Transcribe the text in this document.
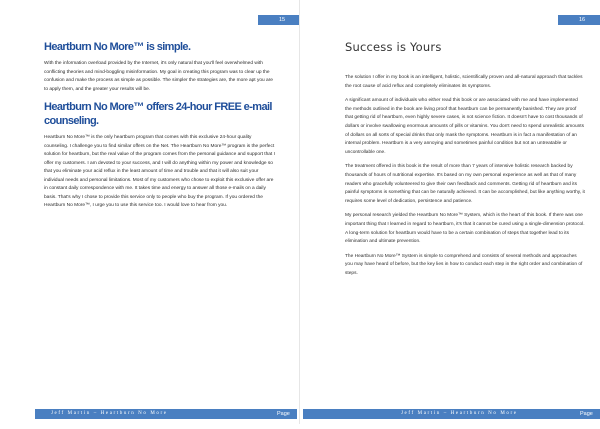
15
Heartburn No More™ is simple.

With the information overload provided by the Internet, it's only natural that you'll feel overwhelmed with conflicting theories and mind-boggling misinformation. My goal in creating this program was to clear up the confusion and make the process as simple as possible. The simpler the strategies are, the more apt you are to apply them, and the greater your results will be.

Heartburn No More™ offers 24-hour FREE e-mail counseling.

Heartburn No More™ is the only heartburn program that comes with this exclusive 24-hour quality counseling. I challenge you to find similar offers on the Net. The Heartburn No More™ program is the perfect solution for heartburn, but the real value of the program comes from the personal guidance and support that I offer my customers. I am devoted to your success, and I will do anything within my power and knowledge so that you eliminate your acid reflux in the least amount of time and trouble and that it will also suit your individual needs and personal limitations. Most of my customers who chose to exploit this exclusive offer are in constant daily correspondence with me. It takes time and energy to answer all those e-mails on a daily basis. That's why I chose to provide this service only to people who buy the program. If you ordered the Heartburn No More™, I urge you to use this service too. I would love to hear from you.

Jeff Martin – Heartburn No More	Page 15
16
Success is Yours

The solution I offer in my book is an intelligent, holistic, scientifically proven and all-natural approach that tackles the root cause of acid reflux and completely eliminates its symptoms.

A significant amount of individuals who either read this book or are associated with me and have implemented the methods outlined in the book are living proof that heartburn can be permanently banished. They are proof that getting rid of heartburn, even highly severe cases, is not science fiction. It doesn't have to cost thousands of dollars or involve swallowing enormous amounts of pills or vitamins. You don't need to spend unrealistic amounts of dollars on all sorts of special drinks that only mask the symptoms. Heartburn is in fact a manifestation of an internal problem. Heartburn is a very annoying and sometimes painful condition but not an untreatable or uncontrollable one.

The treatment offered in this book is the result of more than 7 years of intensive holistic research backed by thousands of hours of nutritional expertise. It's based on my own personal experience as well as that of many readers who gracefully volunteered to give their own feedback and comments. Getting rid of heartburn and its painful symptoms is something that can be naturally achieved. It can be accomplished, but like anything worthy, it requires some level of dedication, persistence and patience.

My personal research yielded the Heartburn No More™ System, which is the heart of this book. If there was one important thing that I learned in regard to heartburn, it's that it cannot be cured using a single-dimension protocol. A long-term solution for heartburn would have to be a certain combination of steps that together lead to its elimination and ultimate prevention.

The Heartburn No More™ System is simple to comprehend and consists of several methods and approaches you may have heard of before, but the key lies in how to conduct each step in the right order and combination of steps.

Jeff Martin – Heartburn No More	Page 16
